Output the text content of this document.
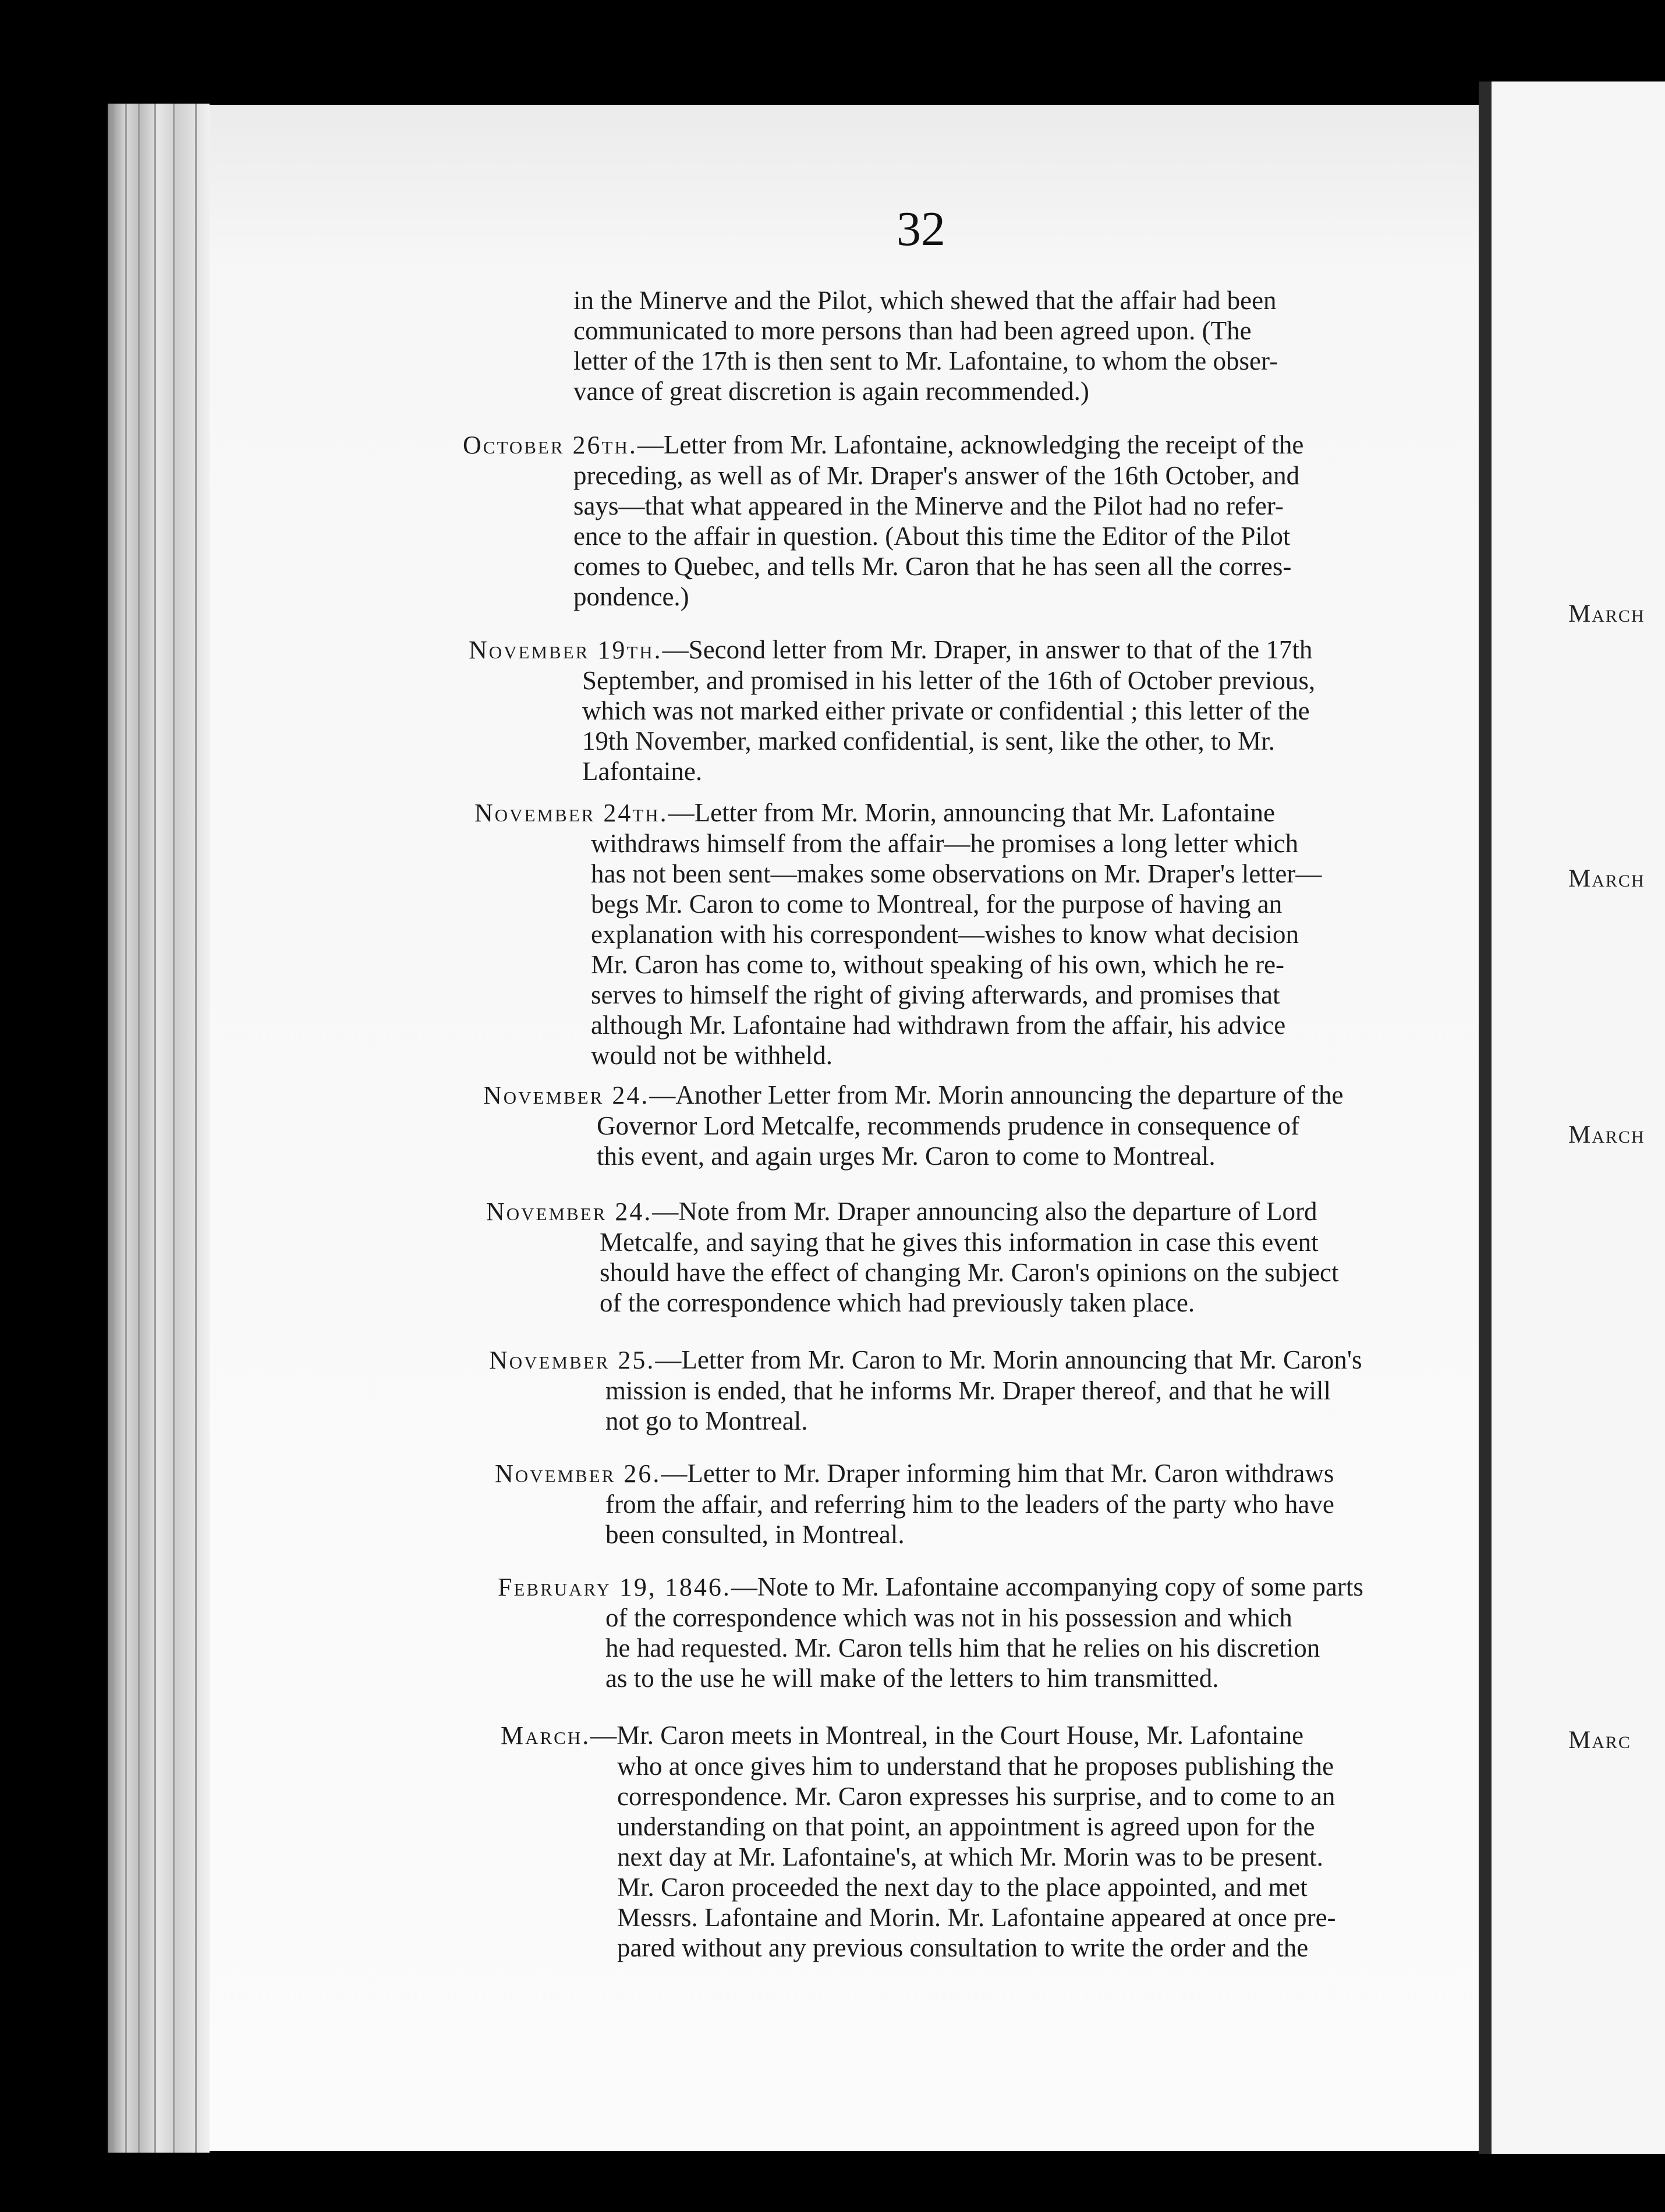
March
March
March
Marc
32
in the Minerve and the Pilot, which shewed that the affair had been
communicated to more persons than had been agreed upon. (The
letter of the 17th is then sent to Mr. Lafontaine, to whom the obser-
vance of great discretion is again recommended.)
October 26th.—Letter from Mr. Lafontaine, acknowledging the receipt of the
preceding, as well as of Mr. Draper's answer of the 16th October, and
says—that what appeared in the Minerve and the Pilot had no refer-
ence to the affair in question. (About this time the Editor of the Pilot
comes to Quebec, and tells Mr. Caron that he has seen all the corres-
pondence.)
November 19th.—Second letter from Mr. Draper, in answer to that of the 17th
September, and promised in his letter of the 16th of October previous,
which was not marked either private or confidential ; this letter of the
19th November, marked confidential, is sent, like the other, to Mr.
Lafontaine.
November 24th.—Letter from Mr. Morin, announcing that Mr. Lafontaine
withdraws himself from the affair—he promises a long letter which
has not been sent—makes some observations on Mr. Draper's letter—
begs Mr. Caron to come to Montreal, for the purpose of having an
explanation with his correspondent—wishes to know what decision
Mr. Caron has come to, without speaking of his own, which he re-
serves to himself the right of giving afterwards, and promises that
although Mr. Lafontaine had withdrawn from the affair, his advice
would not be withheld.
November 24.—Another Letter from Mr. Morin announcing the departure of the
Governor Lord Metcalfe, recommends prudence in consequence of
this event, and again urges Mr. Caron to come to Montreal.
November 24.—Note from Mr. Draper announcing also the departure of Lord
Metcalfe, and saying that he gives this information in case this event
should have the effect of changing Mr. Caron's opinions on the subject
of the correspondence which had previously taken place.
November 25.—Letter from Mr. Caron to Mr. Morin announcing that Mr. Caron's
mission is ended, that he informs Mr. Draper thereof, and that he will
not go to Montreal.
November 26.—Letter to Mr. Draper informing him that Mr. Caron withdraws
from the affair, and referring him to the leaders of the party who have
been consulted, in Montreal.
February 19, 1846.—Note to Mr. Lafontaine accompanying copy of some parts
of the correspondence which was not in his possession and which
he had requested. Mr. Caron tells him that he relies on his discretion
as to the use he will make of the letters to him transmitted.
March.—Mr. Caron meets in Montreal, in the Court House, Mr. Lafontaine
who at once gives him to understand that he proposes publishing the
correspondence. Mr. Caron expresses his surprise, and to come to an
understanding on that point, an appointment is agreed upon for the
next day at Mr. Lafontaine's, at which Mr. Morin was to be present.
Mr. Caron proceeded the next day to the place appointed, and met
Messrs. Lafontaine and Morin. Mr. Lafontaine appeared at once pre-
pared without any previous consultation to write the order and the
